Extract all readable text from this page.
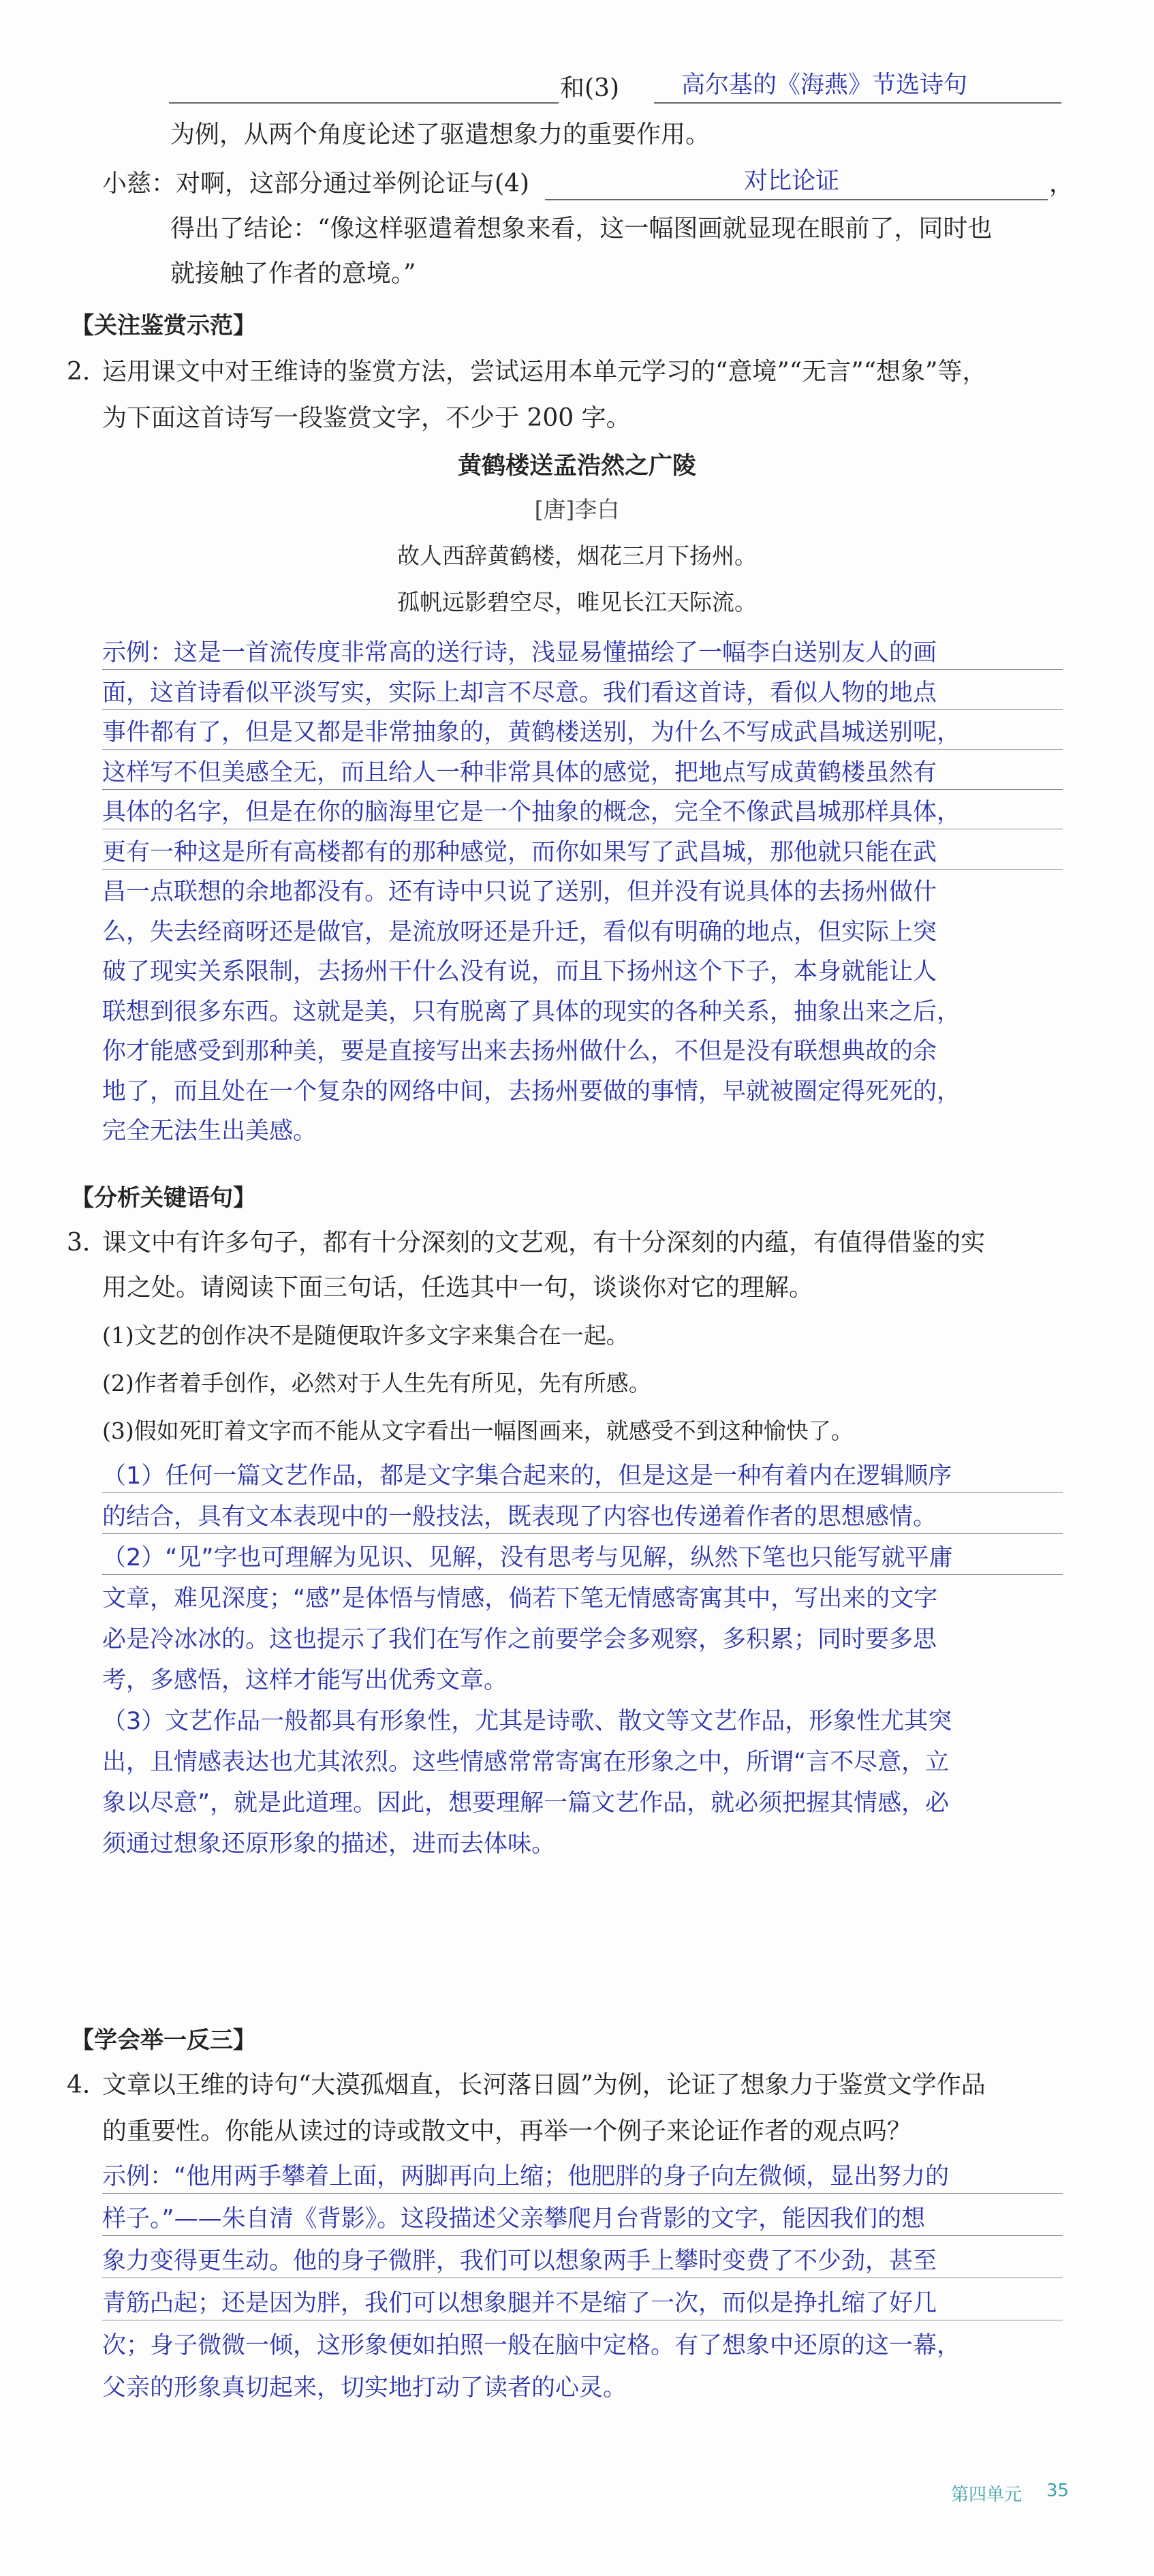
和(3)	高尔基的《海燕》节选诗句
为例，从两个角度论述了驱遣想象力的重要作用。
小慈：对啊，这部分通过举例论证与(4)	对比论证	，
得出了结论：“像这样驱遣着想象来看，这一幅图画就显现在眼前了，同时也
就接触了作者的意境。”
【关注鉴赏示范】
2. 运用课文中对王维诗的鉴赏方法，尝试运用本单元学习的“意境”“无言”“想象”等，
为下面这首诗写一段鉴赏文字，不少于 200 字。
黄鹤楼送孟浩然之广陵
[唐]李白
故人西辞黄鹤楼，烟花三月下扬州。
孤帆远影碧空尽，唯见长江天际流。
示例：这是一首流传度非常高的送行诗，浅显易懂描绘了一幅李白送别友人的画
面，这首诗看似平淡写实，实际上却言不尽意。我们看这首诗，看似人物的地点
事件都有了，但是又都是非常抽象的，黄鹤楼送别，为什么不写成武昌城送别呢，
这样写不但美感全无，而且给人一种非常具体的感觉，把地点写成黄鹤楼虽然有
具体的名字，但是在你的脑海里它是一个抽象的概念，完全不像武昌城那样具体，
更有一种这是所有高楼都有的那种感觉，而你如果写了武昌城，那他就只能在武
昌一点联想的余地都没有。还有诗中只说了送别，但并没有说具体的去扬州做什
么，失去经商呀还是做官，是流放呀还是升迁，看似有明确的地点，但实际上突
破了现实关系限制，去扬州干什么没有说，而且下扬州这个下子，本身就能让人
联想到很多东西。这就是美，只有脱离了具体的现实的各种关系，抽象出来之后，
你才能感受到那种美，要是直接写出来去扬州做什么，不但是没有联想典故的余
地了，而且处在一个复杂的网络中间，去扬州要做的事情，早就被圈定得死死的，
完全无法生出美感。
【分析关键语句】
3. 课文中有许多句子，都有十分深刻的文艺观，有十分深刻的内蕴，有值得借鉴的实
用之处。请阅读下面三句话，任选其中一句，谈谈你对它的理解。
(1)文艺的创作决不是随便取许多文字来集合在一起。
(2)作者着手创作，必然对于人生先有所见，先有所感。
(3)假如死盯着文字而不能从文字看出一幅图画来，就感受不到这种愉快了。
（1）任何一篇文艺作品，都是文字集合起来的，但是这是一种有着内在逻辑顺序
的结合，具有文本表现中的一般技法，既表现了内容也传递着作者的思想感情。
（2）“见”字也可理解为见识、见解，没有思考与见解，纵然下笔也只能写就平庸
文章，难见深度；“感”是体悟与情感，倘若下笔无情感寄寓其中，写出来的文字
必是冷冰冰的。这也提示了我们在写作之前要学会多观察，多积累；同时要多思
考，多感悟，这样才能写出优秀文章。
（3）文艺作品一般都具有形象性，尤其是诗歌、散文等文艺作品，形象性尤其突
出，且情感表达也尤其浓烈。这些情感常常寄寓在形象之中，所谓“言不尽意，立
象以尽意”，就是此道理。因此，想要理解一篇文艺作品，就必须把握其情感，必
须通过想象还原形象的描述，进而去体味。
【学会举一反三】
4. 文章以王维的诗句“大漠孤烟直，长河落日圆”为例，论证了想象力于鉴赏文学作品
的重要性。你能从读过的诗或散文中，再举一个例子来论证作者的观点吗？
示例：“他用两手攀着上面，两脚再向上缩；他肥胖的身子向左微倾，显出努力的
样子。”——朱自清《背影》。这段描述父亲攀爬月台背影的文字，能因我们的想
象力变得更生动。他的身子微胖，我们可以想象两手上攀时变费了不少劲，甚至
青筋凸起；还是因为胖，我们可以想象腿并不是缩了一次，而似是挣扎缩了好几
次；身子微微一倾，这形象便如拍照一般在脑中定格。有了想象中还原的这一幕，
父亲的形象真切起来，切实地打动了读者的心灵。
第四单元 35
